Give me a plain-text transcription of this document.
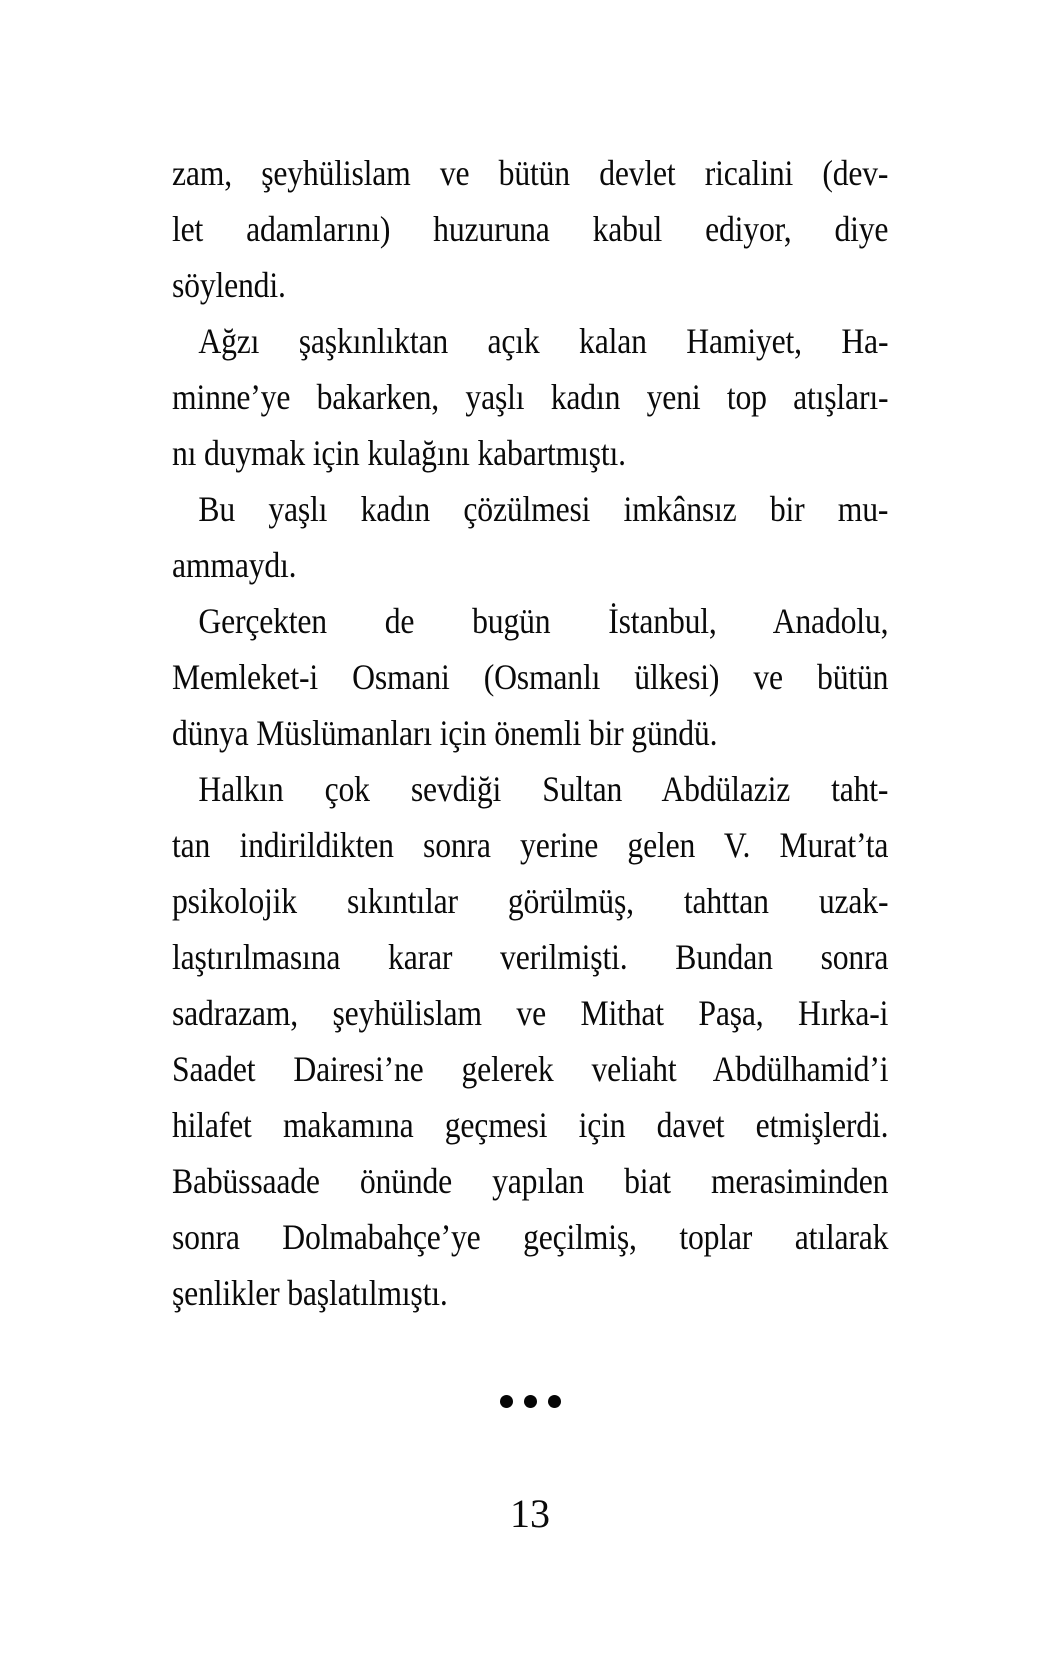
zam, şeyhülislam ve bütün devlet ricalini (dev-
let adamlarını) huzuruna kabul ediyor, diye
söylendi.
Ağzı şaşkınlıktan açık kalan Hamiyet, Ha-
minne’ye bakarken, yaşlı kadın yeni top atışları-
nı duymak için kulağını kabartmıştı.
Bu yaşlı kadın çözülmesi imkânsız bir mu-
ammaydı.
Gerçekten de bugün İstanbul, Anadolu,
Memleket-i Osmani (Osmanlı ülkesi) ve bütün
dünya Müslümanları için önemli bir gündü.
Halkın çok sevdiği Sultan Abdülaziz taht-
tan indirildikten sonra yerine gelen V. Murat’ta
psikolojik sıkıntılar görülmüş, tahttan uzak-
laştırılmasına karar verilmişti. Bundan sonra
sadrazam, şeyhülislam ve Mithat Paşa, Hırka-i
Saadet Dairesi’ne gelerek veliaht Abdülhamid’i
hilafet makamına geçmesi için davet etmişlerdi.
Babüssaade önünde yapılan biat merasiminden
sonra Dolmabahçe’ye geçilmiş, toplar atılarak
şenlikler başlatılmıştı.
13
